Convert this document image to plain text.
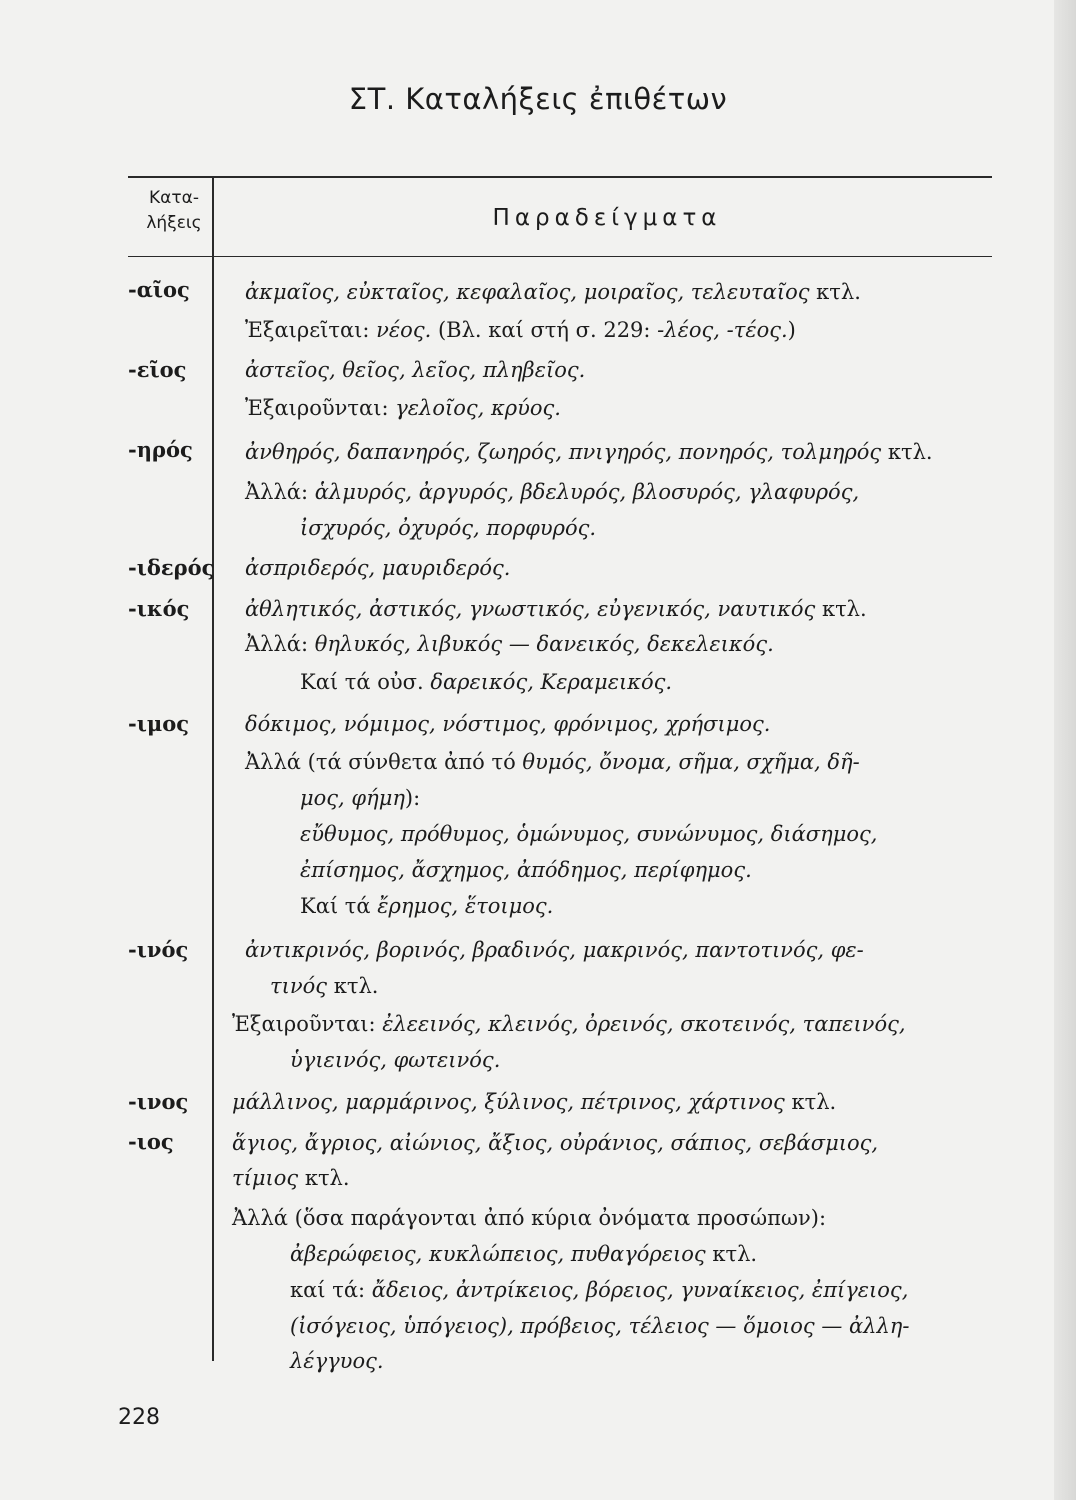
ΣΤ. Καταλήξεις ἐπιθέτων
Κατα-
λήξεις	Παραδείγματα
-αῖος
-εῖος
-ηρός
-ιδερός
-ικός
-ιμος
-ινός
-ινος
-ιος
ἀκμαῖος, εὐκταῖος, κεφαλαῖος, μοιραῖος, τελευταῖος κτλ.
Ἐξαιρεῖται: νέος. (Βλ. καί στή σ. 229: -λέος, -τέος.)
ἀστεῖος, θεῖος, λεῖος, πληβεῖος.
Ἐξαιροῦνται: γελοῖος, κρύος.
ἀνθηρός, δαπανηρός, ζωηρός, πνιγηρός, πονηρός, τολμηρός κτλ.
Ἀλλά: ἁλμυρός, ἀργυρός, βδελυρός, βλοσυρός, γλαφυρός,
ἰσχυρός, ὀχυρός, πορφυρός.
ἀσπριδερός, μαυριδερός.
ἀθλητικός, ἀστικός, γνωστικός, εὐγενικός, ναυτικός κτλ.
Ἀλλά: θηλυκός, λιβυκός — δανεικός, δεκελεικός.
Καί τά οὐσ. δαρεικός, Κεραμεικός.
δόκιμος, νόμιμος, νόστιμος, φρόνιμος, χρήσιμος.
Ἀλλά (τά σύνθετα ἀπό τό θυμός, ὄνομα, σῆμα, σχῆμα, δῆ-
μος, φήμη):
εὔθυμος, πρόθυμος, ὁμώνυμος, συνώνυμος, διάσημος,
ἐπίσημος, ἄσχημος, ἀπόδημος, περίφημος.
Καί τά ἔρημος, ἕτοιμος.
ἀντικρινός, βορινός, βραδινός, μακρινός, παντοτινός, φε-
τινός κτλ.
Ἐξαιροῦνται: ἐλεεινός, κλεινός, ὀρεινός, σκοτεινός, ταπεινός,
ὑγιεινός, φωτεινός.
μάλλινος, μαρμάρινος, ξύλινος, πέτρινος, χάρτινος κτλ.
ἅγιος, ἄγριος, αἰώνιος, ἄξιος, οὐράνιος, σάπιος, σεβάσμιος,
τίμιος κτλ.
Ἀλλά (ὅσα παράγονται ἀπό κύρια ὀνόματα προσώπων):
ἀβερώφειος, κυκλώπειος, πυθαγόρειος κτλ.
καί τά: ἄδειος, ἀντρίκειος, βόρειος, γυναίκειος, ἐπίγειος,
(ἰσόγειος, ὑπόγειος), πρόβειος, τέλειος — ὅμοιος — ἀλλη-
λέγγυος.
228
